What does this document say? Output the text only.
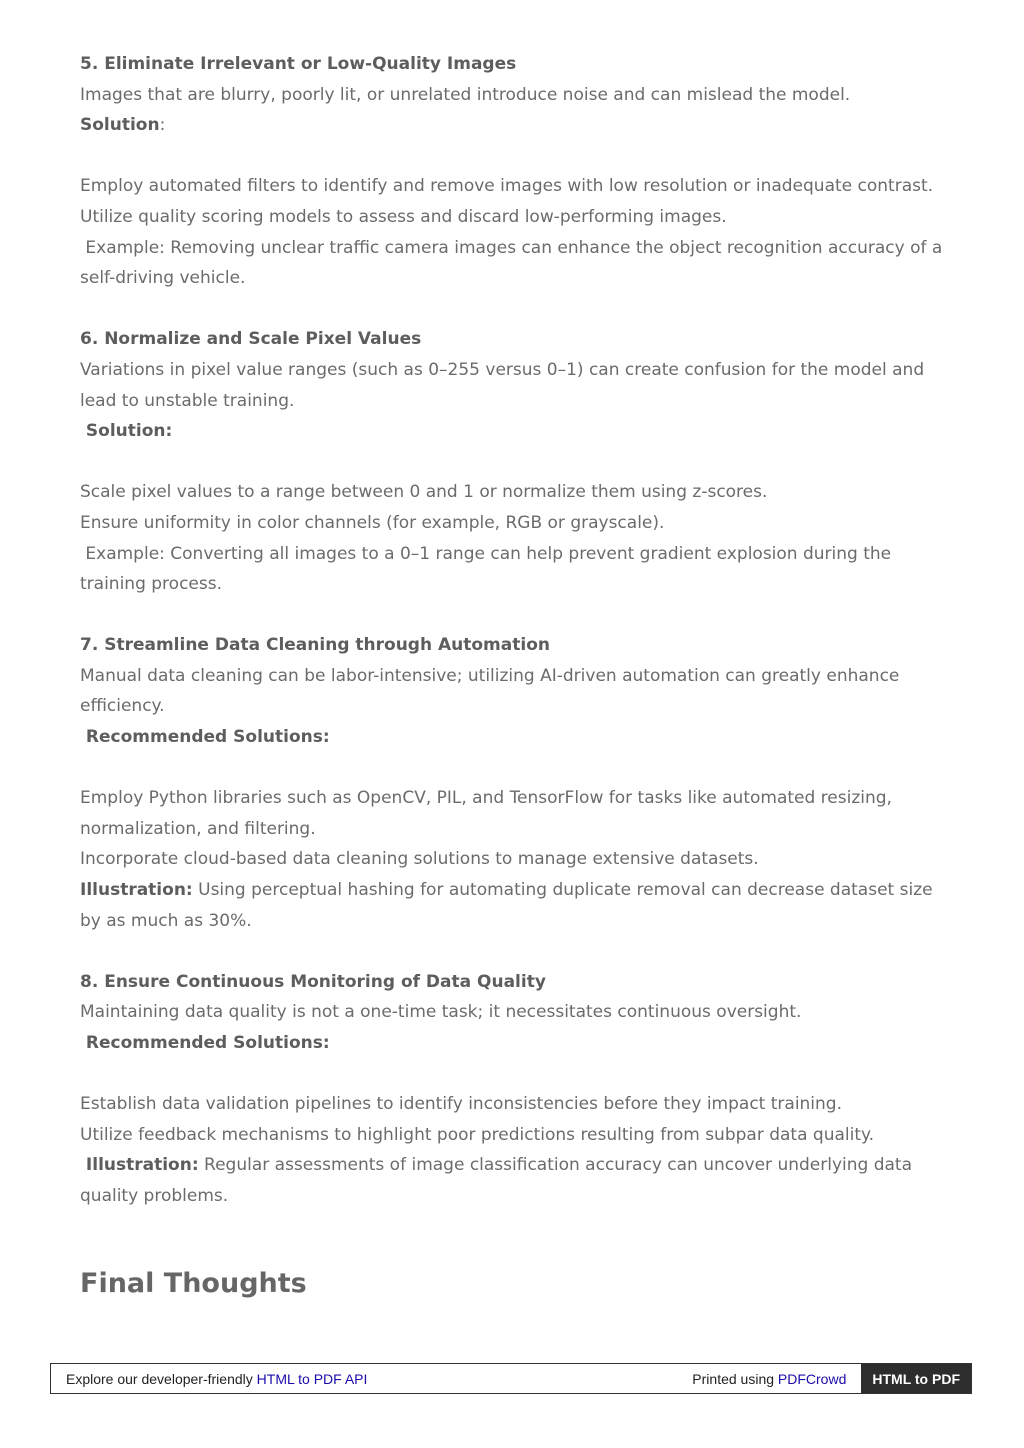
5. Eliminate Irrelevant or Low-Quality Images

Images that are blurry, poorly lit, or unrelated introduce noise and can mislead the model.

Solution:

Employ automated filters to identify and remove images with low resolution or inadequate contrast.

Utilize quality scoring models to assess and discard low-performing images.

Example: Removing unclear traffic camera images can enhance the object recognition accuracy of a self-driving vehicle.

6. Normalize and Scale Pixel Values

Variations in pixel value ranges (such as 0–255 versus 0–1) can create confusion for the model and lead to unstable training.

Solution:

Scale pixel values to a range between 0 and 1 or normalize them using z-scores.

Ensure uniformity in color channels (for example, RGB or grayscale).

Example: Converting all images to a 0–1 range can help prevent gradient explosion during the training process.

7. Streamline Data Cleaning through Automation

Manual data cleaning can be labor-intensive; utilizing AI-driven automation can greatly enhance efficiency.

Recommended Solutions:

Employ Python libraries such as OpenCV, PIL, and TensorFlow for tasks like automated resizing, normalization, and filtering.

Incorporate cloud-based data cleaning solutions to manage extensive datasets.

Illustration: Using perceptual hashing for automating duplicate removal can decrease dataset size by as much as 30%.

8. Ensure Continuous Monitoring of Data Quality

Maintaining data quality is not a one-time task; it necessitates continuous oversight.

Recommended Solutions:

Establish data validation pipelines to identify inconsistencies before they impact training.

Utilize feedback mechanisms to highlight poor predictions resulting from subpar data quality.

Illustration: Regular assessments of image classification accuracy can uncover underlying data quality problems.

Final Thoughts
Explore our developer-friendly HTML to PDF API	Printed using PDFCrowd	HTML to PDF
